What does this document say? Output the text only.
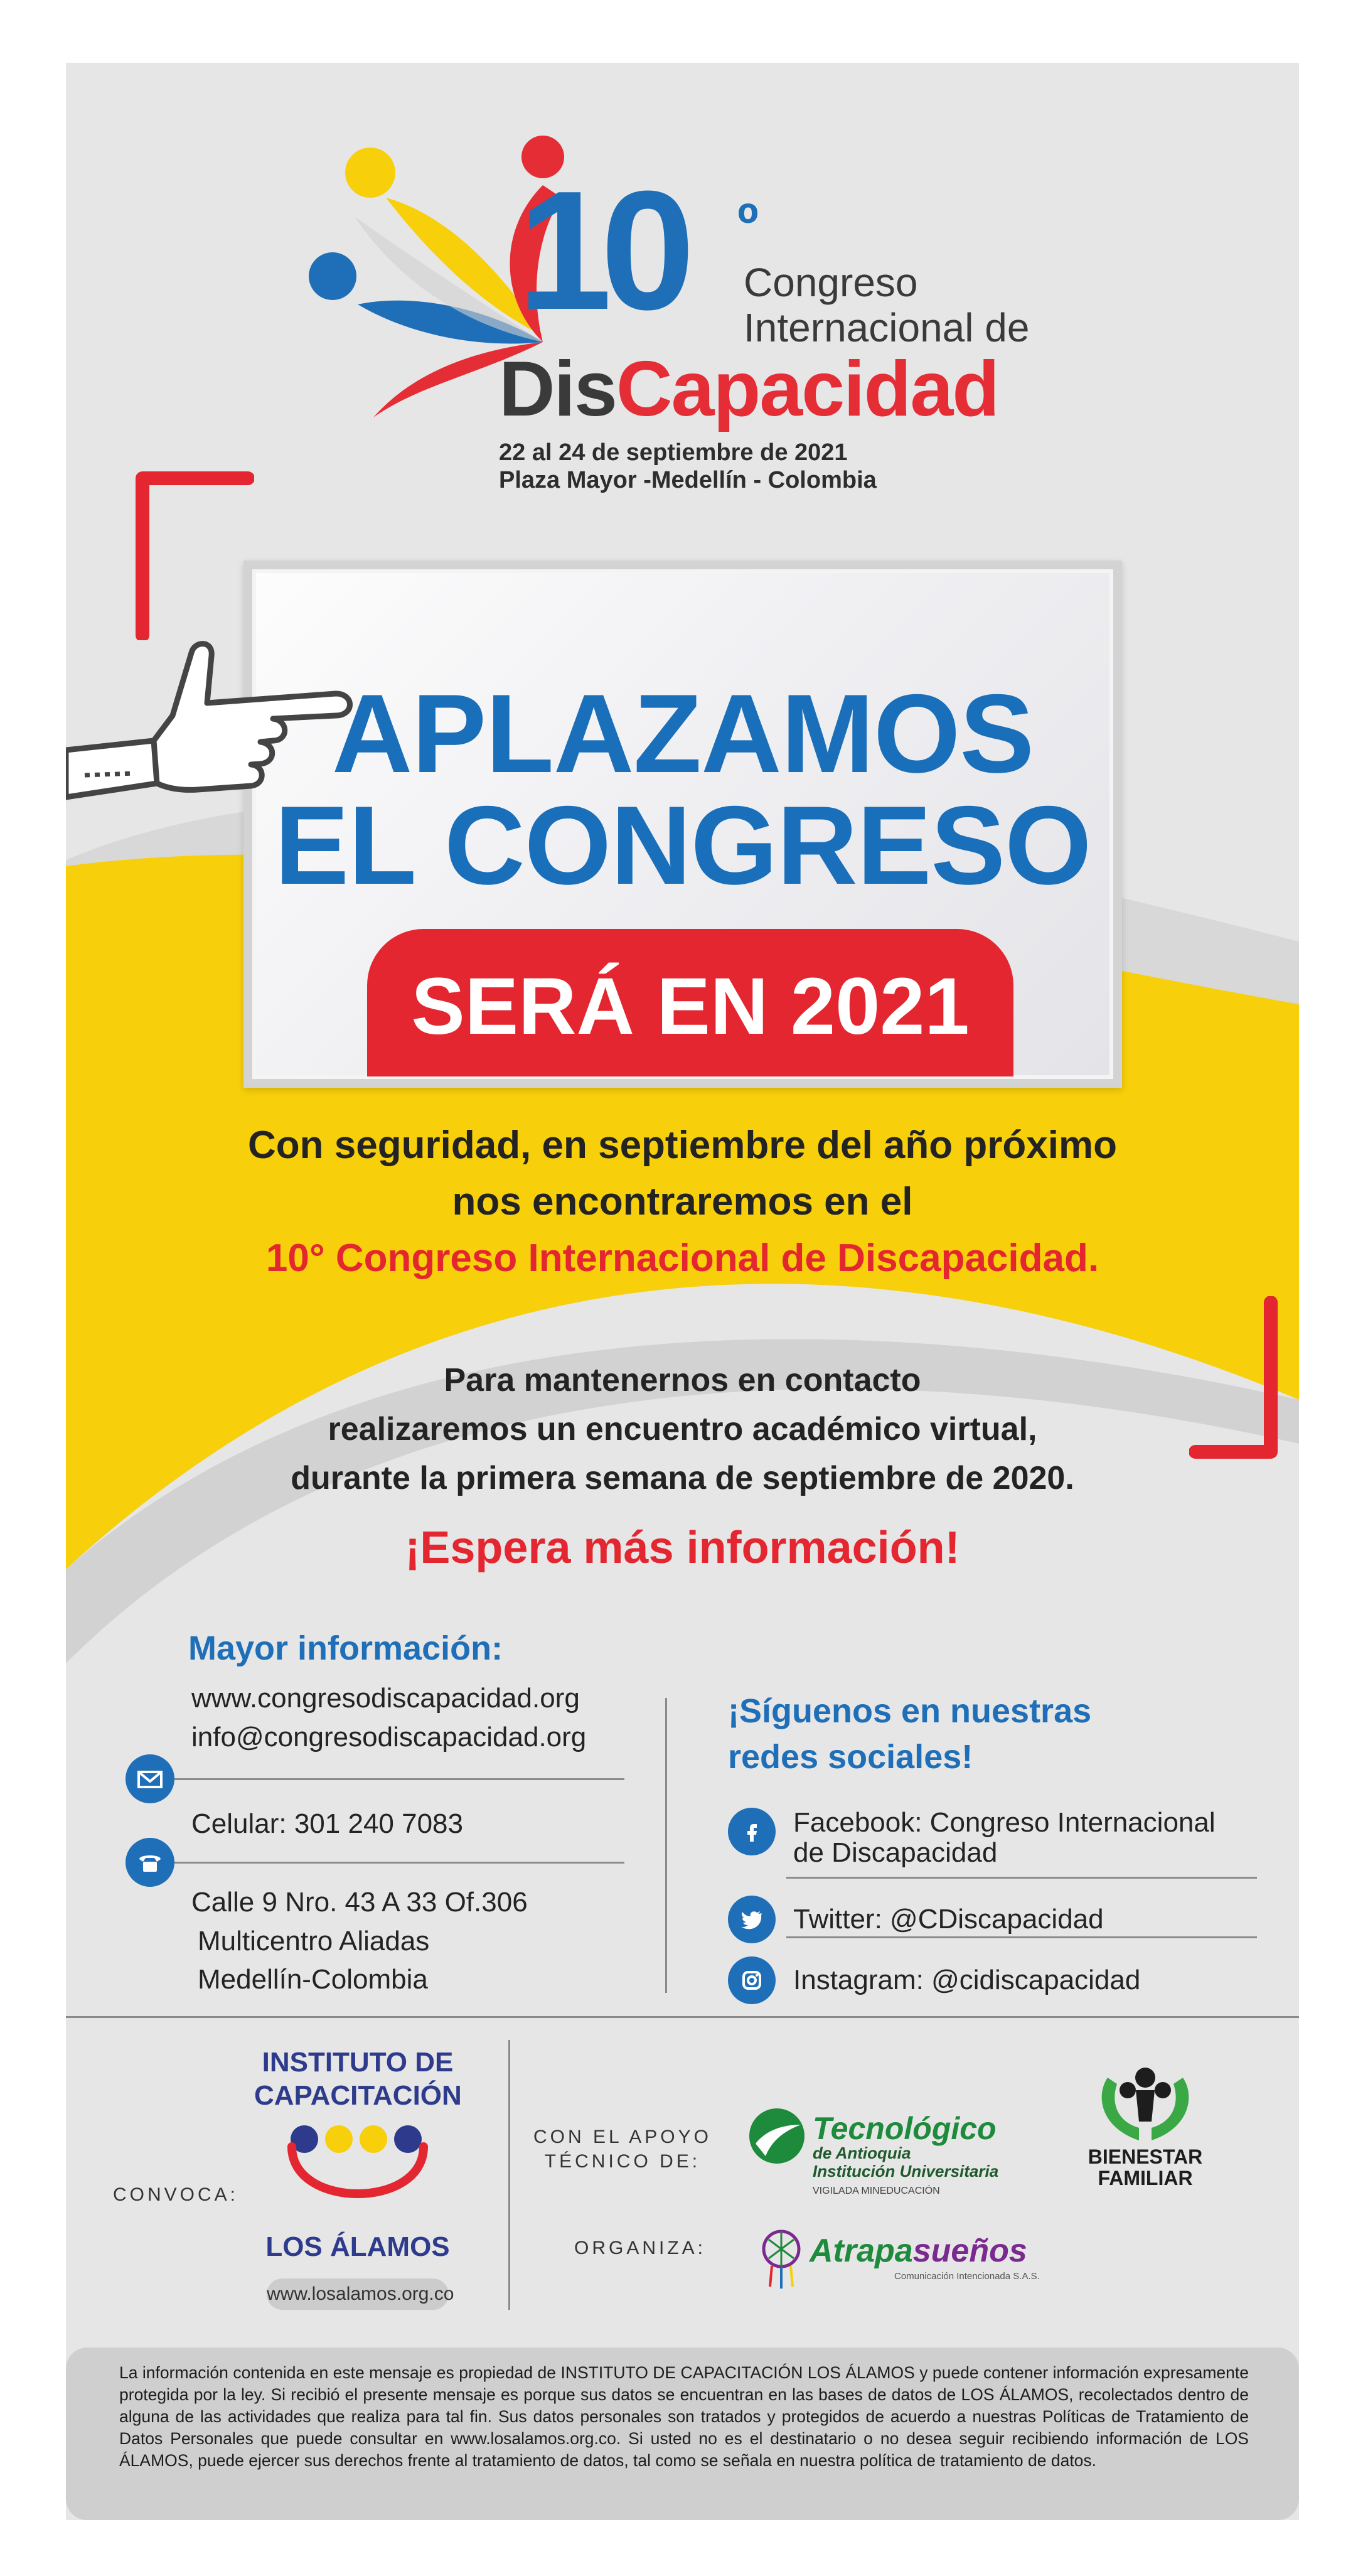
10 º
Congreso
Internacional de
DisCapacidad
22 al 24 de septiembre de 2021
Plaza Mayor -Medellín - Colombia
APLAZAMOS
EL CONGRESO
SERÁ EN 2021
Con seguridad, en septiembre del año próximo
nos encontraremos en el
10° Congreso Internacional de Discapacidad.
Para mantenernos en contacto
realizaremos un encuentro académico virtual,
durante la primera semana de septiembre de 2020.
¡Espera más información!
Mayor información:
www.congresodiscapacidad.org
info@congresodiscapacidad.org
Celular: 301 240 7083
Calle 9 Nro. 43 A 33 Of.306
Multicentro Aliadas
Medellín-Colombia
¡Síguenos en nuestras
redes sociales!
Facebook: Congreso Internacional
de Discapacidad
Twitter: @CDiscapacidad
Instagram: @cidiscapacidad
CONVOCA:
INSTITUTO DE
CAPACITACIÓN
LOS ÁLAMOS
www.losalamos.org.co
CON EL APOYO
TÉCNICO DE:
ORGANIZA:
Tecnológico
de Antioquia
Institución Universitaria
VIGILADA MINEDUCACIÓN
BIENESTAR
FAMILIAR
Atrapasueños
Comunicación Intencionada S.A.S.
La información contenida en este mensaje es propiedad de INSTITUTO DE CAPACITACIÓN LOS ÁLAMOS y puede contener información expresamente protegida por la ley. Si recibió el presente mensaje es porque sus datos se encuentran en las bases de datos de LOS ÁLAMOS, recolectados dentro de alguna de las actividades que realiza para tal fin. Sus datos personales son tratados y protegidos de acuerdo a nuestras Políticas de Tratamiento de Datos Personales que puede consultar en www.losalamos.org.co. Si usted no es el destinatario o no desea seguir recibiendo información de LOS ÁLAMOS, puede ejercer sus derechos frente al tratamiento de datos, tal como se señala en nuestra política de tratamiento de datos.
